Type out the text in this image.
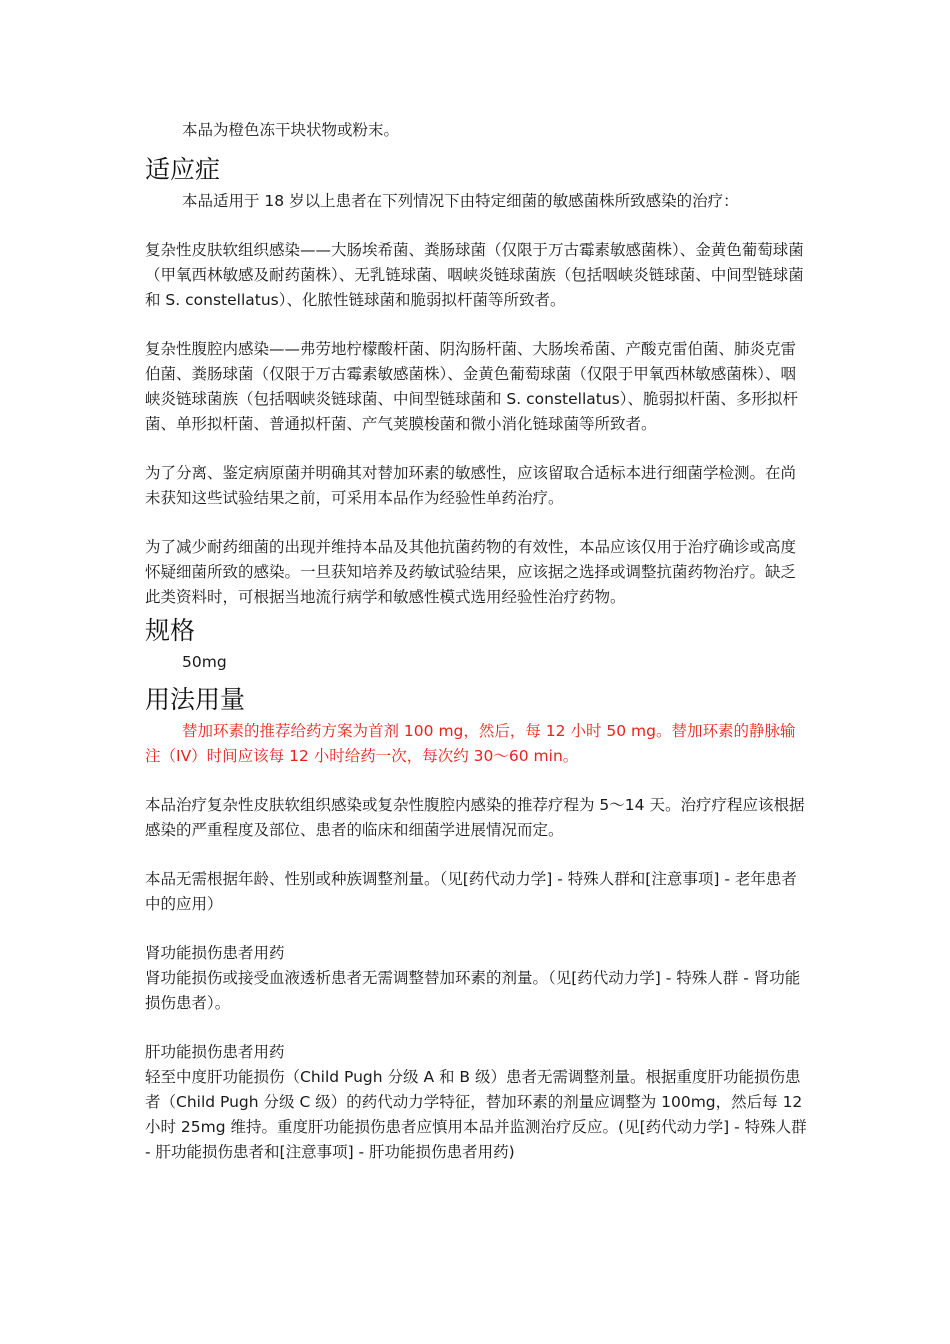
本品为橙色冻干块状物或粉末。

适应症

本品适用于 18 岁以上患者在下列情况下由特定细菌的敏感菌株所致感染的治疗：

复杂性皮肤软组织感染——大肠埃希菌、粪肠球菌（仅限于万古霉素敏感菌株）、金黄色葡萄球菌（甲氧西林敏感及耐药菌株）、无乳链球菌、咽峡炎链球菌族（包括咽峡炎链球菌、中间型链球菌和 S. constellatus）、化脓性链球菌和脆弱拟杆菌等所致者。

复杂性腹腔内感染——弗劳地柠檬酸杆菌、阴沟肠杆菌、大肠埃希菌、产酸克雷伯菌、肺炎克雷伯菌、粪肠球菌（仅限于万古霉素敏感菌株）、金黄色葡萄球菌（仅限于甲氧西林敏感菌株）、咽峡炎链球菌族（包括咽峡炎链球菌、中间型链球菌和 S. constellatus）、脆弱拟杆菌、多形拟杆菌、单形拟杆菌、普通拟杆菌、产气荚膜梭菌和微小消化链球菌等所致者。

为了分离、鉴定病原菌并明确其对替加环素的敏感性，应该留取合适标本进行细菌学检测。在尚未获知这些试验结果之前，可采用本品作为经验性单药治疗。

为了减少耐药细菌的出现并维持本品及其他抗菌药物的有效性，本品应该仅用于治疗确诊或高度怀疑细菌所致的感染。一旦获知培养及药敏试验结果，应该据之选择或调整抗菌药物治疗。缺乏此类资料时，可根据当地流行病学和敏感性模式选用经验性治疗药物。

规格

50mg

用法用量

替加环素的推荐给药方案为首剂 100 mg，然后，每 12 小时 50 mg。替加环素的静脉输注（IV）时间应该每 12 小时给药一次，每次约 30～60 min。

本品治疗复杂性皮肤软组织感染或复杂性腹腔内感染的推荐疗程为 5～14 天。治疗疗程应该根据感染的严重程度及部位、患者的临床和细菌学进展情况而定。

本品无需根据年龄、性别或种族调整剂量。（见[药代动力学] - 特殊人群和[注意事项] - 老年患者中的应用）

肾功能损伤患者用药

肾功能损伤或接受血液透析患者无需调整替加环素的剂量。（见[药代动力学] - 特殊人群 - 肾功能损伤患者）。

肝功能损伤患者用药

轻至中度肝功能损伤（Child Pugh 分级 A 和 B 级）患者无需调整剂量。根据重度肝功能损伤患者（Child Pugh 分级 C 级）的药代动力学特征，替加环素的剂量应调整为 100mg，然后每 12 小时 25mg 维持。重度肝功能损伤患者应慎用本品并监测治疗反应。(见[药代动力学] - 特殊人群 - 肝功能损伤患者和[注意事项] - 肝功能损伤患者用药)
